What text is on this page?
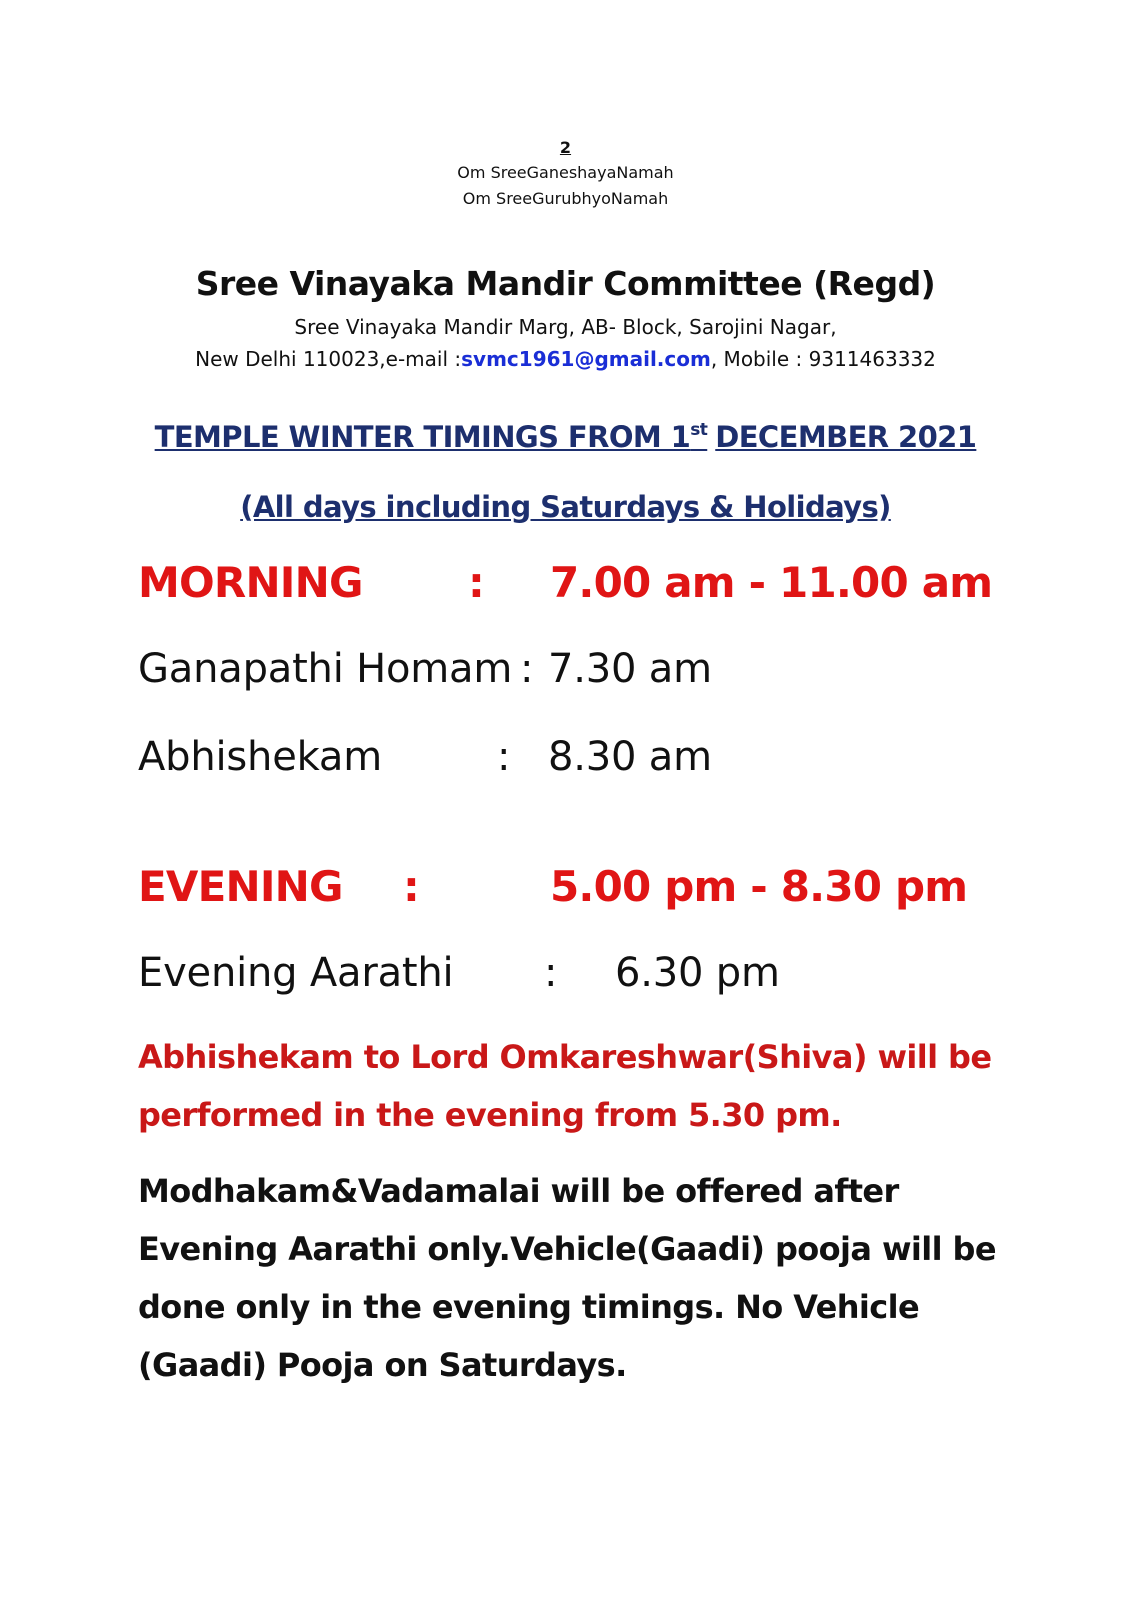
2
Om SreeGaneshayaNamah
Om SreeGurubhyoNamah
Sree Vinayaka Mandir Committee (Regd)
Sree Vinayaka Mandir Marg, AB- Block, Sarojini Nagar,
New Delhi 110023,e-mail :svmc1961@gmail.com, Mobile : 9311463332
TEMPLE WINTER TIMINGS FROM 1st DECEMBER 2021
(All days including Saturdays & Holidays)
MORNING	: 7.00 am - 11.00 am
Ganapathi Homam : 7.30 am
Abhishekam	: 8.30 am
EVENING :	5.00 pm - 8.30 pm
Evening Aarathi : 6.30 pm
Abhishekam to Lord Omkareshwar(Shiva) will be performed in the evening from 5.30 pm.
Modhakam&Vadamalai will be offered after Evening Aarathi only.Vehicle(Gaadi) pooja will be done only in the evening timings. No Vehicle (Gaadi) Pooja on Saturdays.
